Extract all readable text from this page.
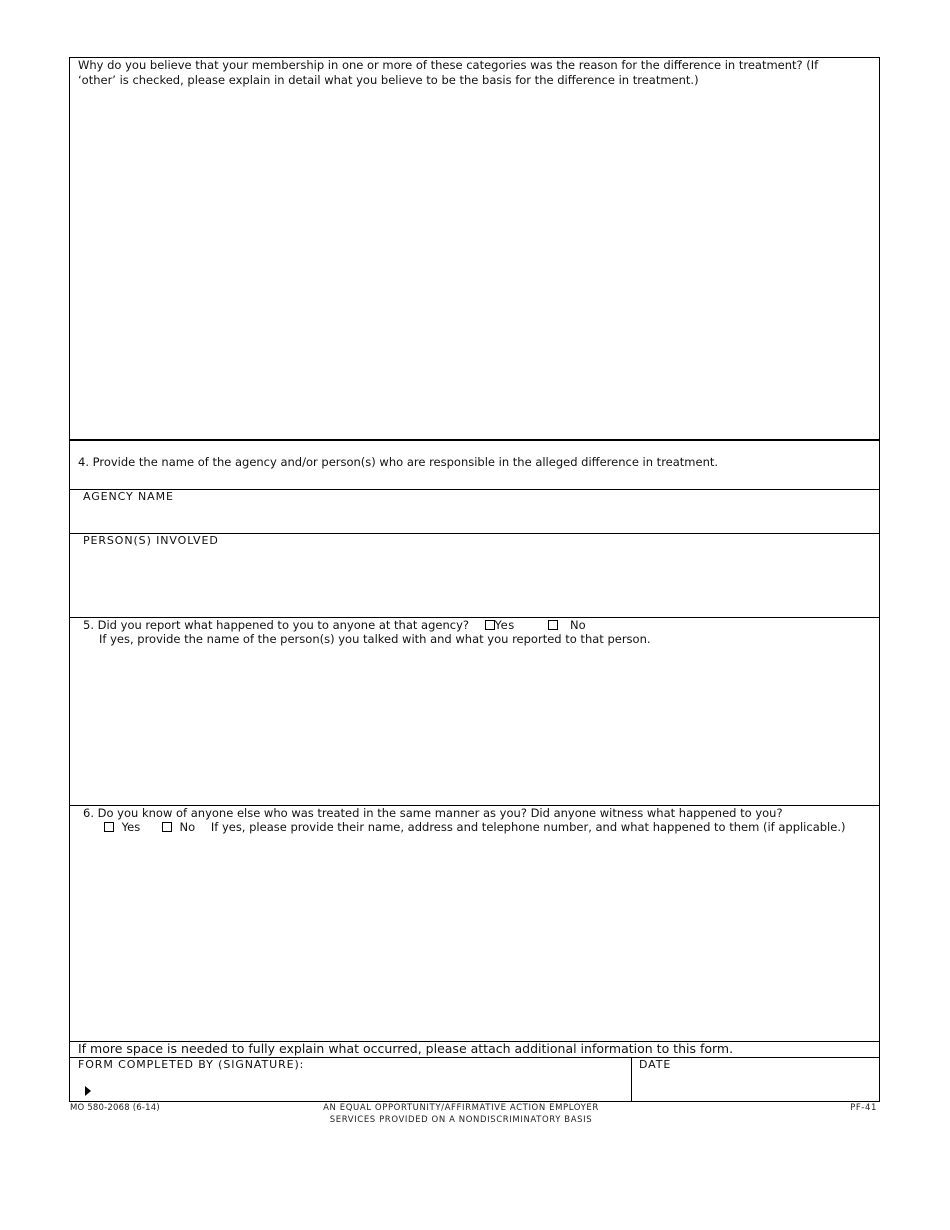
Why do you believe that your membership in one or more of these categories was the reason for the difference in treatment? (If ‘other’ is checked, please explain in detail what you believe to be the basis for the difference in treatment.)
4. Provide the name of the agency and/or person(s) who are responsible in the alleged difference in treatment.
AGENCY NAME
PERSON(S) INVOLVED
5. Did you report what happened to you to anyone at that agency? Yes	No
If yes, provide the name of the person(s) you talked with and what you reported to that person.
6. Do you know of anyone else who was treated in the same manner as you? Did anyone witness what happened to you?
Yes	No If yes, please provide their name, address and telephone number, and what happened to them (if applicable.)
If more space is needed to fully explain what occurred, please attach additional information to this form.
FORM COMPLETED BY (SIGNATURE):	DATE
MO 580-2068 (6-14)	AN EQUAL OPPORTUNITY/AFFIRMATIVE ACTION EMPLOYER
SERVICES PROVIDED ON A NONDISCRIMINATORY BASIS
PF-41
